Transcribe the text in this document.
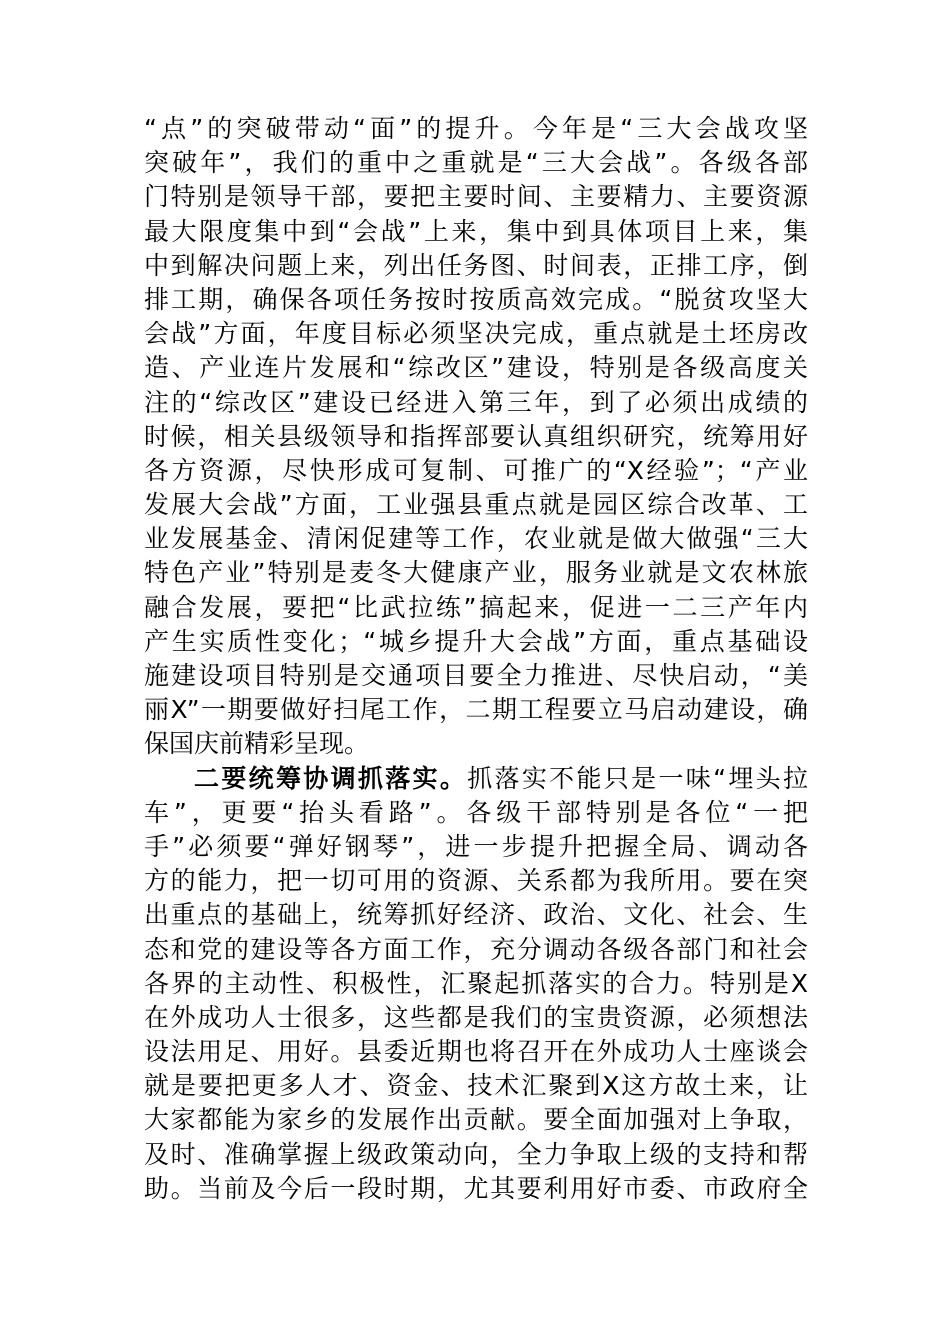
“点”的突破带动“面”的提升。今年是“三大会战攻坚
突破年”，我们的重中之重就是“三大会战”。各级各部
门特别是领导干部，要把主要时间、主要精力、主要资源
最大限度集中到“会战”上来，集中到具体项目上来，集
中到解决问题上来，列出任务图、时间表，正排工序，倒
排工期，确保各项任务按时按质高效完成。“脱贫攻坚大
会战”方面，年度目标必须坚决完成，重点就是土坯房改
造、产业连片发展和“综改区”建设，特别是各级高度关
注的“综改区”建设已经进入第三年，到了必须出成绩的
时候，相关县级领导和指挥部要认真组织研究，统筹用好
各方资源，尽快形成可复制、可推广的“X经验”；“产业
发展大会战”方面，工业强县重点就是园区综合改革、工
业发展基金、清闲促建等工作，农业就是做大做强“三大
特色产业”特别是麦冬大健康产业，服务业就是文农林旅
融合发展，要把“比武拉练”搞起来，促进一二三产年内
产生实质性变化；“城乡提升大会战”方面，重点基础设
施建设项目特别是交通项目要全力推进、尽快启动，“美
丽X”一期要做好扫尾工作，二期工程要立马启动建设，确
保国庆前精彩呈现。
二要统筹协调抓落实。抓落实不能只是一味“埋头拉
车”，更要“抬头看路”。各级干部特别是各位“一把
手”必须要“弹好钢琴”，进一步提升把握全局、调动各
方的能力，把一切可用的资源、关系都为我所用。要在突
出重点的基础上，统筹抓好经济、政治、文化、社会、生
态和党的建设等各方面工作，充分调动各级各部门和社会
各界的主动性、积极性，汇聚起抓落实的合力。特别是X
在外成功人士很多，这些都是我们的宝贵资源，必须想法
设法用足、用好。县委近期也将召开在外成功人士座谈会
就是要把更多人才、资金、技术汇聚到X这方故土来，让
大家都能为家乡的发展作出贡献。要全面加强对上争取，
及时、准确掌握上级政策动向，全力争取上级的支持和帮
助。当前及今后一段时期，尤其要利用好市委、市政府全
